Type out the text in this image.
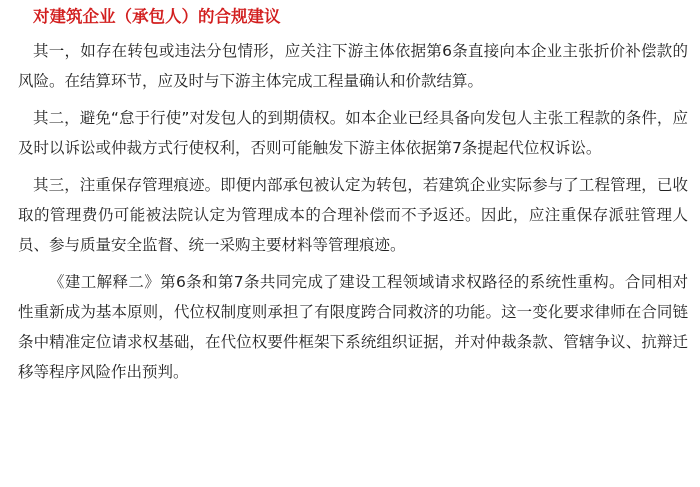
对建筑企业（承包人）的合规建议

其一，如存在转包或违法分包情形，应关注下游主体依据第6条直接向本企业主张折价补偿款的风险。在结算环节，应及时与下游主体完成工程量确认和价款结算。

其二，避免“怠于行使”对发包人的到期债权。如本企业已经具备向发包人主张工程款的条件，应及时以诉讼或仲裁方式行使权利，否则可能触发下游主体依据第7条提起代位权诉讼。

其三，注重保存管理痕迹。即便内部承包被认定为转包，若建筑企业实际参与了工程管理，已收取的管理费仍可能被法院认定为管理成本的合理补偿而不予返还。因此，应注重保存派驻管理人员、参与质量安全监督、统一采购主要材料等管理痕迹。

《建工解释二》第6条和第7条共同完成了建设工程领域请求权路径的系统性重构。合同相对性重新成为基本原则，代位权制度则承担了有限度跨合同救济的功能。这一变化要求律师在合同链条中精准定位请求权基础，在代位权要件框架下系统组织证据，并对仲裁条款、管辖争议、抗辩迁移等程序风险作出预判。
